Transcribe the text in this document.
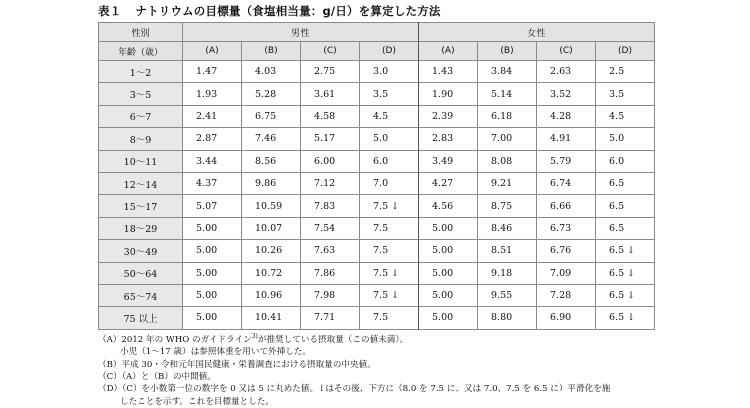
表１ ナトリウムの目標量（食塩相当量：g/日）を算定した方法
性別	男性				女性			
年齢（歳）	(A)	(B)	(C)	(D)	(A)	(B)	(C)	(D)
1〜2	1.47	4.03	2.75	3.0	1.43	3.84	2.63	2.5
3〜5	1.93	5.28	3.61	3.5	1.90	5.14	3.52	3.5
6〜7	2.41	6.75	4.58	4.5	2.39	6.18	4.28	4.5
8〜9	2.87	7.46	5.17	5.0	2.83	7.00	4.91	5.0
10〜11	3.44	8.56	6.00	6.0	3.49	8.08	5.79	6.0
12〜14	4.37	9.86	7.12	7.0	4.27	9.21	6.74	6.5
15〜17	5.07	10.59	7.83	7.5 ↓	4.56	8.75	6.66	6.5
18〜29	5.00	10.07	7.54	7.5	5.00	8.46	6.73	6.5
30〜49	5.00	10.26	7.63	7.5	5.00	8.51	6.76	6.5 ↓
50〜64	5.00	10.72	7.86	7.5 ↓	5.00	9.18	7.09	6.5 ↓
65〜74	5.00	10.96	7.98	7.5 ↓	5.00	9.55	7.28	6.5 ↓
75 以上	5.00	10.41	7.71	7.5	5.00	8.80	6.90	6.5 ↓
（A）2012 年の WHO のガイドライン$^{3)}$が推奨している摂取量（この値未満）。
小児（1〜17 歳）は参照体重を用いて外挿した。
（B）平成 30・令和元年国民健康・栄養調査における摂取量の中央値。
（C）（A）と（B）の中間値。
（D）（C）を小数第一位の数字を 0 又は 5 に丸めた値。↓はその後、下方に（8.0 を 7.5 に、又は 7.0、7.5 を 6.5 に）平滑化を施
したことを示す。これを目標量とした。
